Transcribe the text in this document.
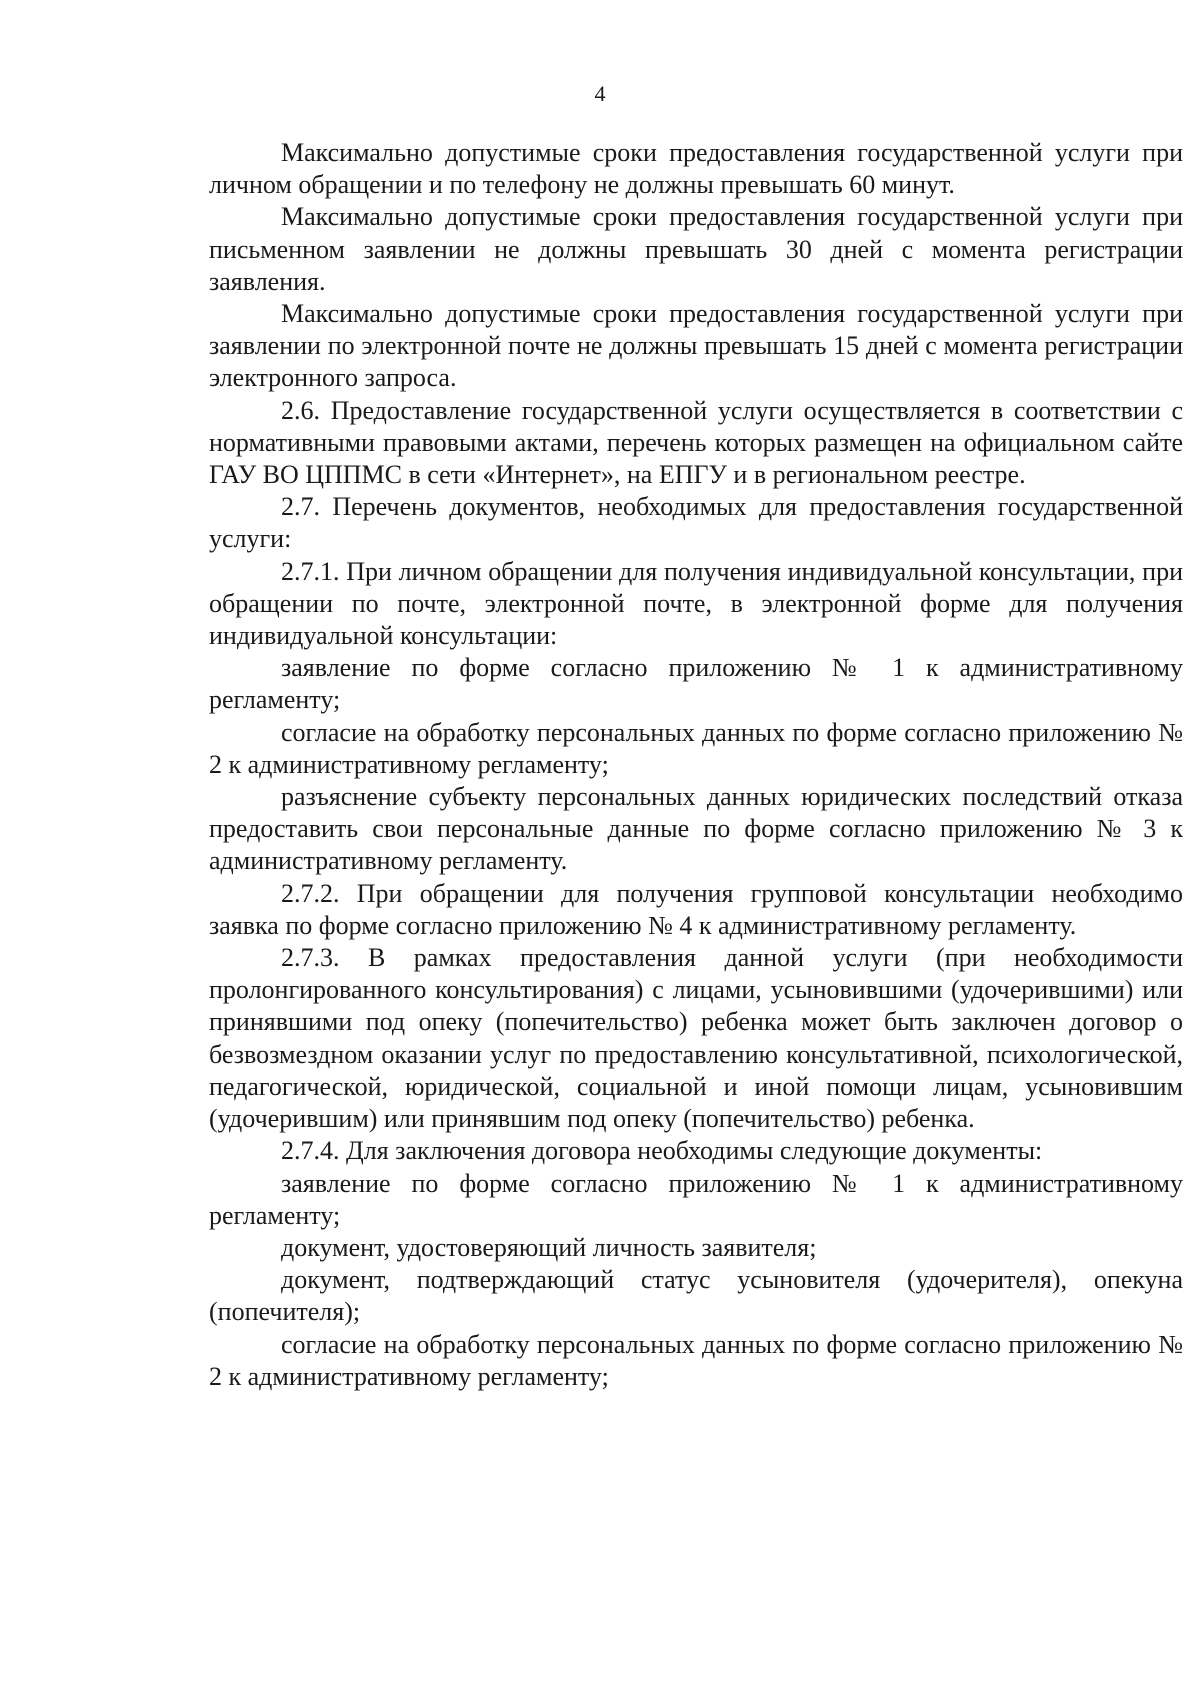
4

Максимально допустимые сроки предоставления государственной услуги при личном обращении и по телефону не должны превышать 60 минут.

Максимально допустимые сроки предоставления государственной услуги при письменном заявлении не должны превышать 30 дней с момента регистрации заявления.

Максимально допустимые сроки предоставления государственной услуги при заявлении по электронной почте не должны превышать 15 дней с момента регистрации электронного запроса.

2.6. Предоставление государственной услуги осуществляется в соответствии с нормативными правовыми актами, перечень которых размещен на официальном сайте ГАУ ВО ЦППМС в сети «Интернет», на ЕПГУ и в региональном реестре.

2.7. Перечень документов, необходимых для предоставления государственной услуги:

2.7.1. При личном обращении для получения индивидуальной консультации, при обращении по почте, электронной почте, в электронной форме для получения индивидуальной консультации:

заявление по форме согласно приложению № 1 к административному регламенту;

согласие на обработку персональных данных по форме согласно приложению № 2 к административному регламенту;

разъяснение субъекту персональных данных юридических последствий отказа предоставить свои персональные данные по форме согласно приложению № 3 к административному регламенту.

2.7.2. При обращении для получения групповой консультации необходимо заявка по форме согласно приложению № 4 к административному регламенту.

2.7.3. В рамках предоставления данной услуги (при необходимости пролонгированного консультирования) с лицами, усыновившими (удочерившими) или принявшими под опеку (попечительство) ребенка может быть заключен договор о безвозмездном оказании услуг по предоставлению консультативной, психологической, педагогической, юридической, социальной и иной помощи лицам, усыновившим (удочерившим) или принявшим под опеку (попечительство) ребенка.

2.7.4. Для заключения договора необходимы следующие документы:

заявление по форме согласно приложению № 1 к административному регламенту;

документ, удостоверяющий личность заявителя;

документ, подтверждающий статус усыновителя (удочерителя), опекуна (попечителя);

согласие на обработку персональных данных по форме согласно приложению № 2 к административному регламенту;
